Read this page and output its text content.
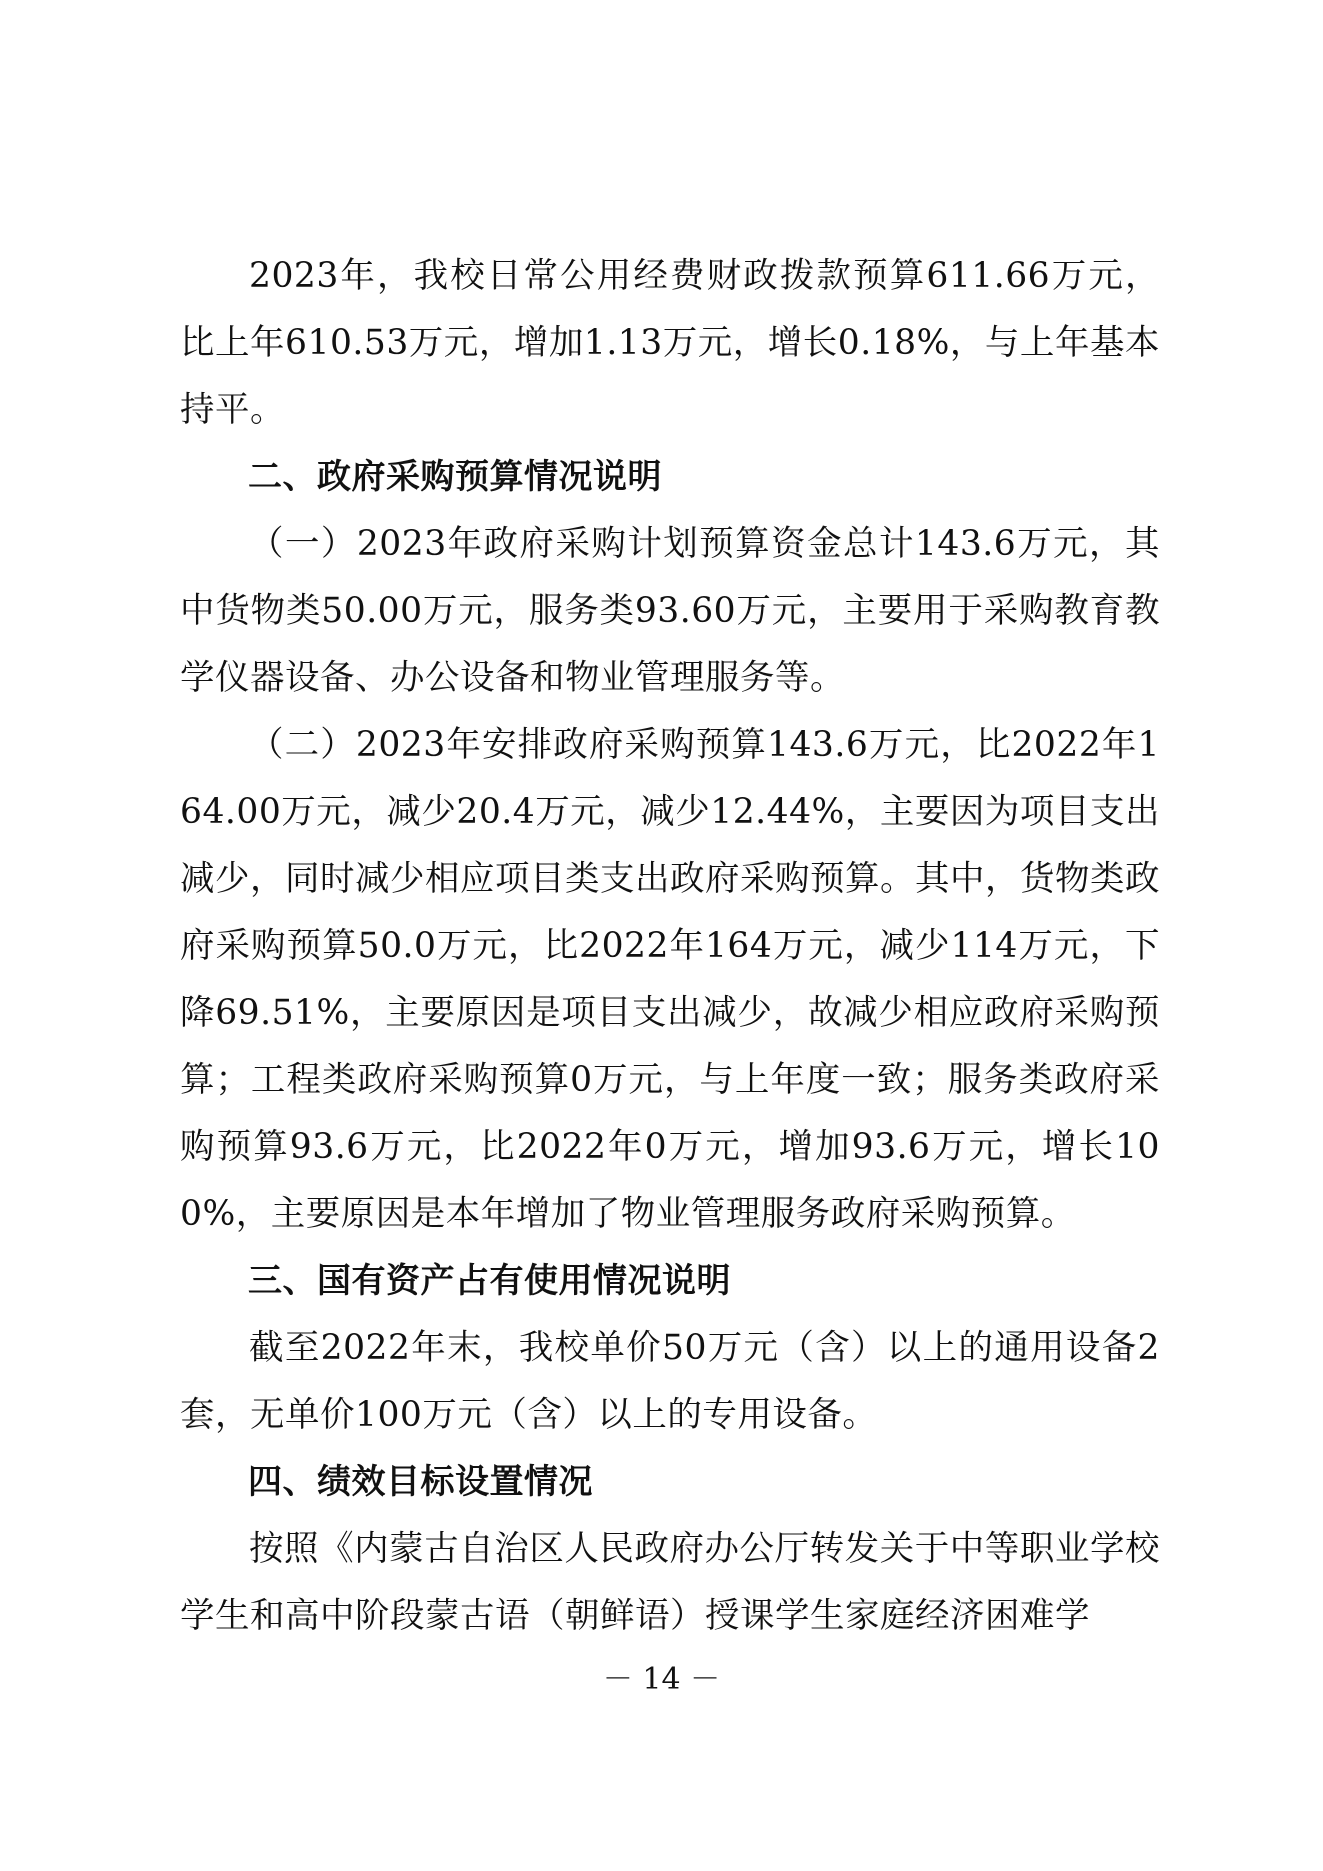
2023年，我校日常公用经费财政拨款预算611.66万元，比上年610.53万元，增加1.13万元，增长0.18%，与上年基本持平。

二、政府采购预算情况说明

（一）2023年政府采购计划预算资金总计143.6万元，其中货物类50.00万元，服务类93.60万元，主要用于采购教育教学仪器设备、办公设备和物业管理服务等。

（二）2023年安排政府采购预算143.6万元，比2022年164.00万元，减少20.4万元，减少12.44%，主要因为项目支出减少，同时减少相应项目类支出政府采购预算。其中，货物类政府采购预算50.0万元，比2022年164万元，减少114万元，下降69.51%，主要原因是项目支出减少，故减少相应政府采购预算；工程类政府采购预算0万元，与上年度一致；服务类政府采购预算93.6万元，比2022年0万元，增加93.6万元，增长100%，主要原因是本年增加了物业管理服务政府采购预算。

三、国有资产占有使用情况说明

截至2022年末，我校单价50万元（含）以上的通用设备2套，无单价100万元（含）以上的专用设备。

四、绩效目标设置情况

按照《内蒙古自治区人民政府办公厅转发关于中等职业学校学生和高中阶段蒙古语（朝鲜语）授课学生家庭经济困难学

－ 14 －
